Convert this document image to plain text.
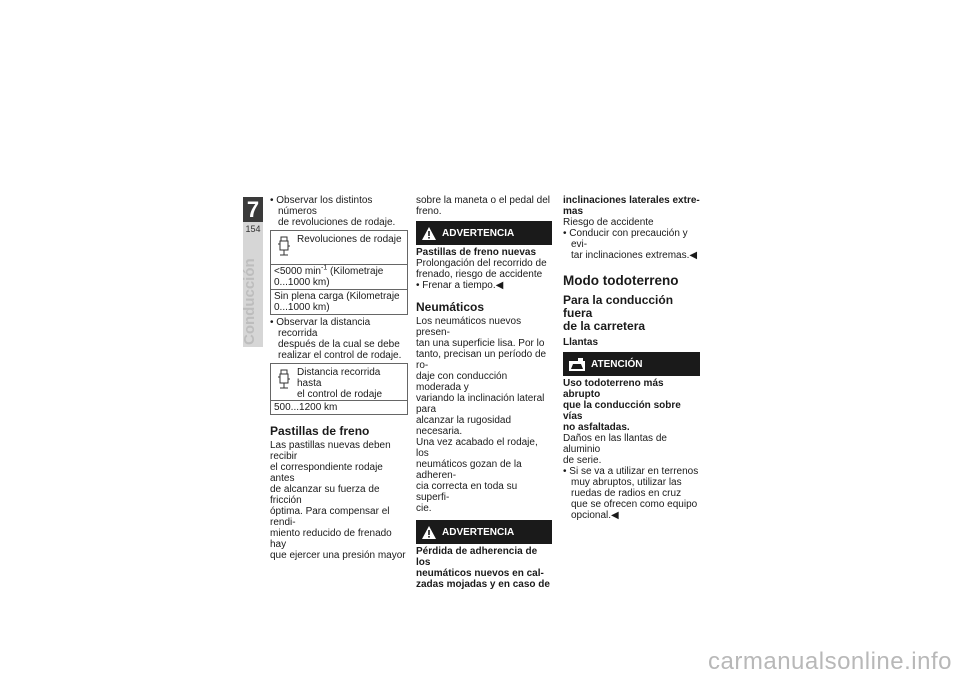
7
154
Conducción

• Observar los distintos números
de revoluciones de rodaje.

Revoluciones de rodaje
<5000 $\min^{-1}$ (Kilometraje
0...1000 km)
Sin plena carga (Kilometraje
0...1000 km)

• Observar la distancia recorrida
después de la cual se debe
realizar el control de rodaje.

Distancia recorrida hasta
el control de rodaje
500...1200 km
Pastillas de freno

Las pastillas nuevas deben recibir
el correspondiente rodaje antes
de alcanzar su fuerza de fricción
óptima. Para compensar el rendi-
miento reducido de frenado hay
que ejercer una presión mayor

sobre la maneta o el pedal del
freno.

ADVERTENCIA

Pastillas de freno nuevas

Prolongación del recorrido de
frenado, riesgo de accidente

• Frenar a tiempo.◀

Neumáticos

Los neumáticos nuevos presen-
tan una superficie lisa. Por lo
tanto, precisan un período de ro-
daje con conducción moderada y
variando la inclinación lateral para
alcanzar la rugosidad necesaria.
Una vez acabado el rodaje, los
neumáticos gozan de la adheren-
cia correcta en toda su superfi-
cie.

ADVERTENCIA

Pérdida de adherencia de los
neumáticos nuevos en cal-
zadas mojadas y en caso de

inclinaciones laterales extre-
mas

Riesgo de accidente

• Conducir con precaución y evi-
tar inclinaciones extremas.◀

Modo todoterreno
Para la conducción fuera
de la carretera
Llantas
ATENCIÓN

Uso todoterreno más abrupto
que la conducción sobre vías
no asfaltadas.

Daños en las llantas de aluminio
de serie.

• Si se va a utilizar en terrenos
muy abruptos, utilizar las
ruedas de radios en cruz
que se ofrecen como equipo
opcional.◀

carmanualsonline.info
